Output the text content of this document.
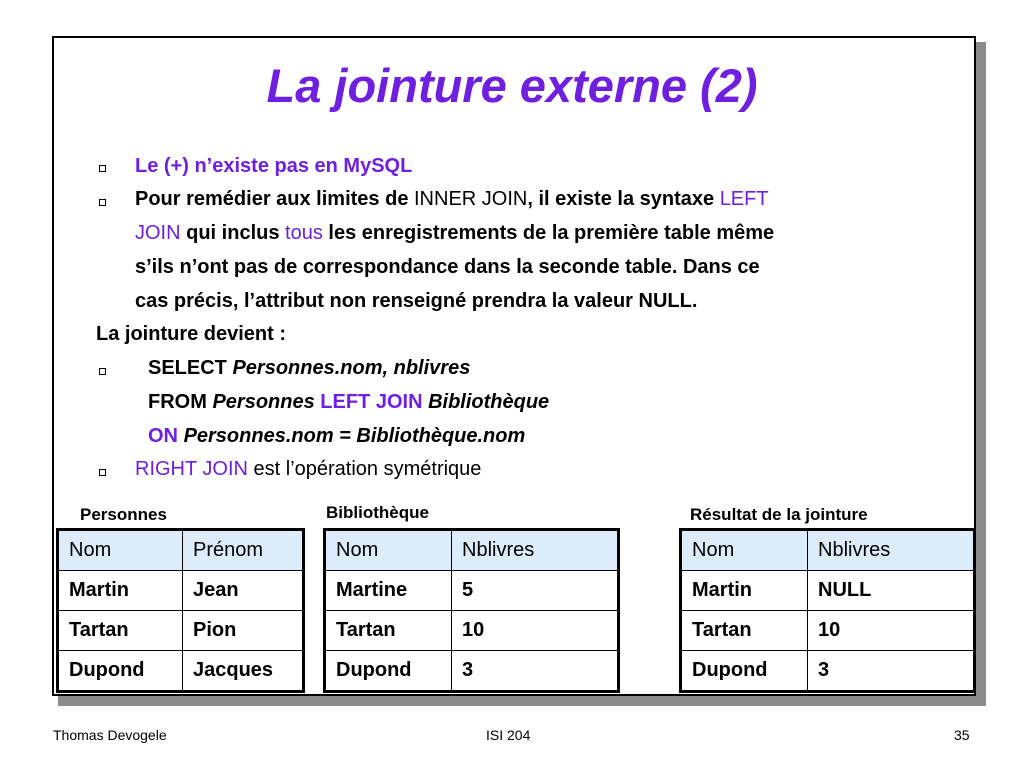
La jointure externe (2)
Le (+) n’existe pas en MySQL
Pour remédier aux limites de INNER JOIN, il existe la syntaxe LEFT
JOIN qui inclus tous les enregistrements de la première table même
s’ils n’ont pas de correspondance dans la seconde table. Dans ce
cas précis, l’attribut non renseigné prendra la valeur NULL.
La jointure devient :
SELECT Personnes.nom, nblivres
FROM Personnes LEFT JOIN Bibliothèque
ON Personnes.nom = Bibliothèque.nom
RIGHT JOIN est l’opération symétrique
Personnes	Bibliothèque	Résultat de la jointure
Nom	Prénom
Martin	Jean
Tartan	Pion
Dupond	Jacques
Nom	Nblivres
Martine	5
Tartan	10
Dupond	3
Nom	Nblivres
Martin	NULL
Tartan	10
Dupond	3
Thomas Devogele	ISI 204	35
